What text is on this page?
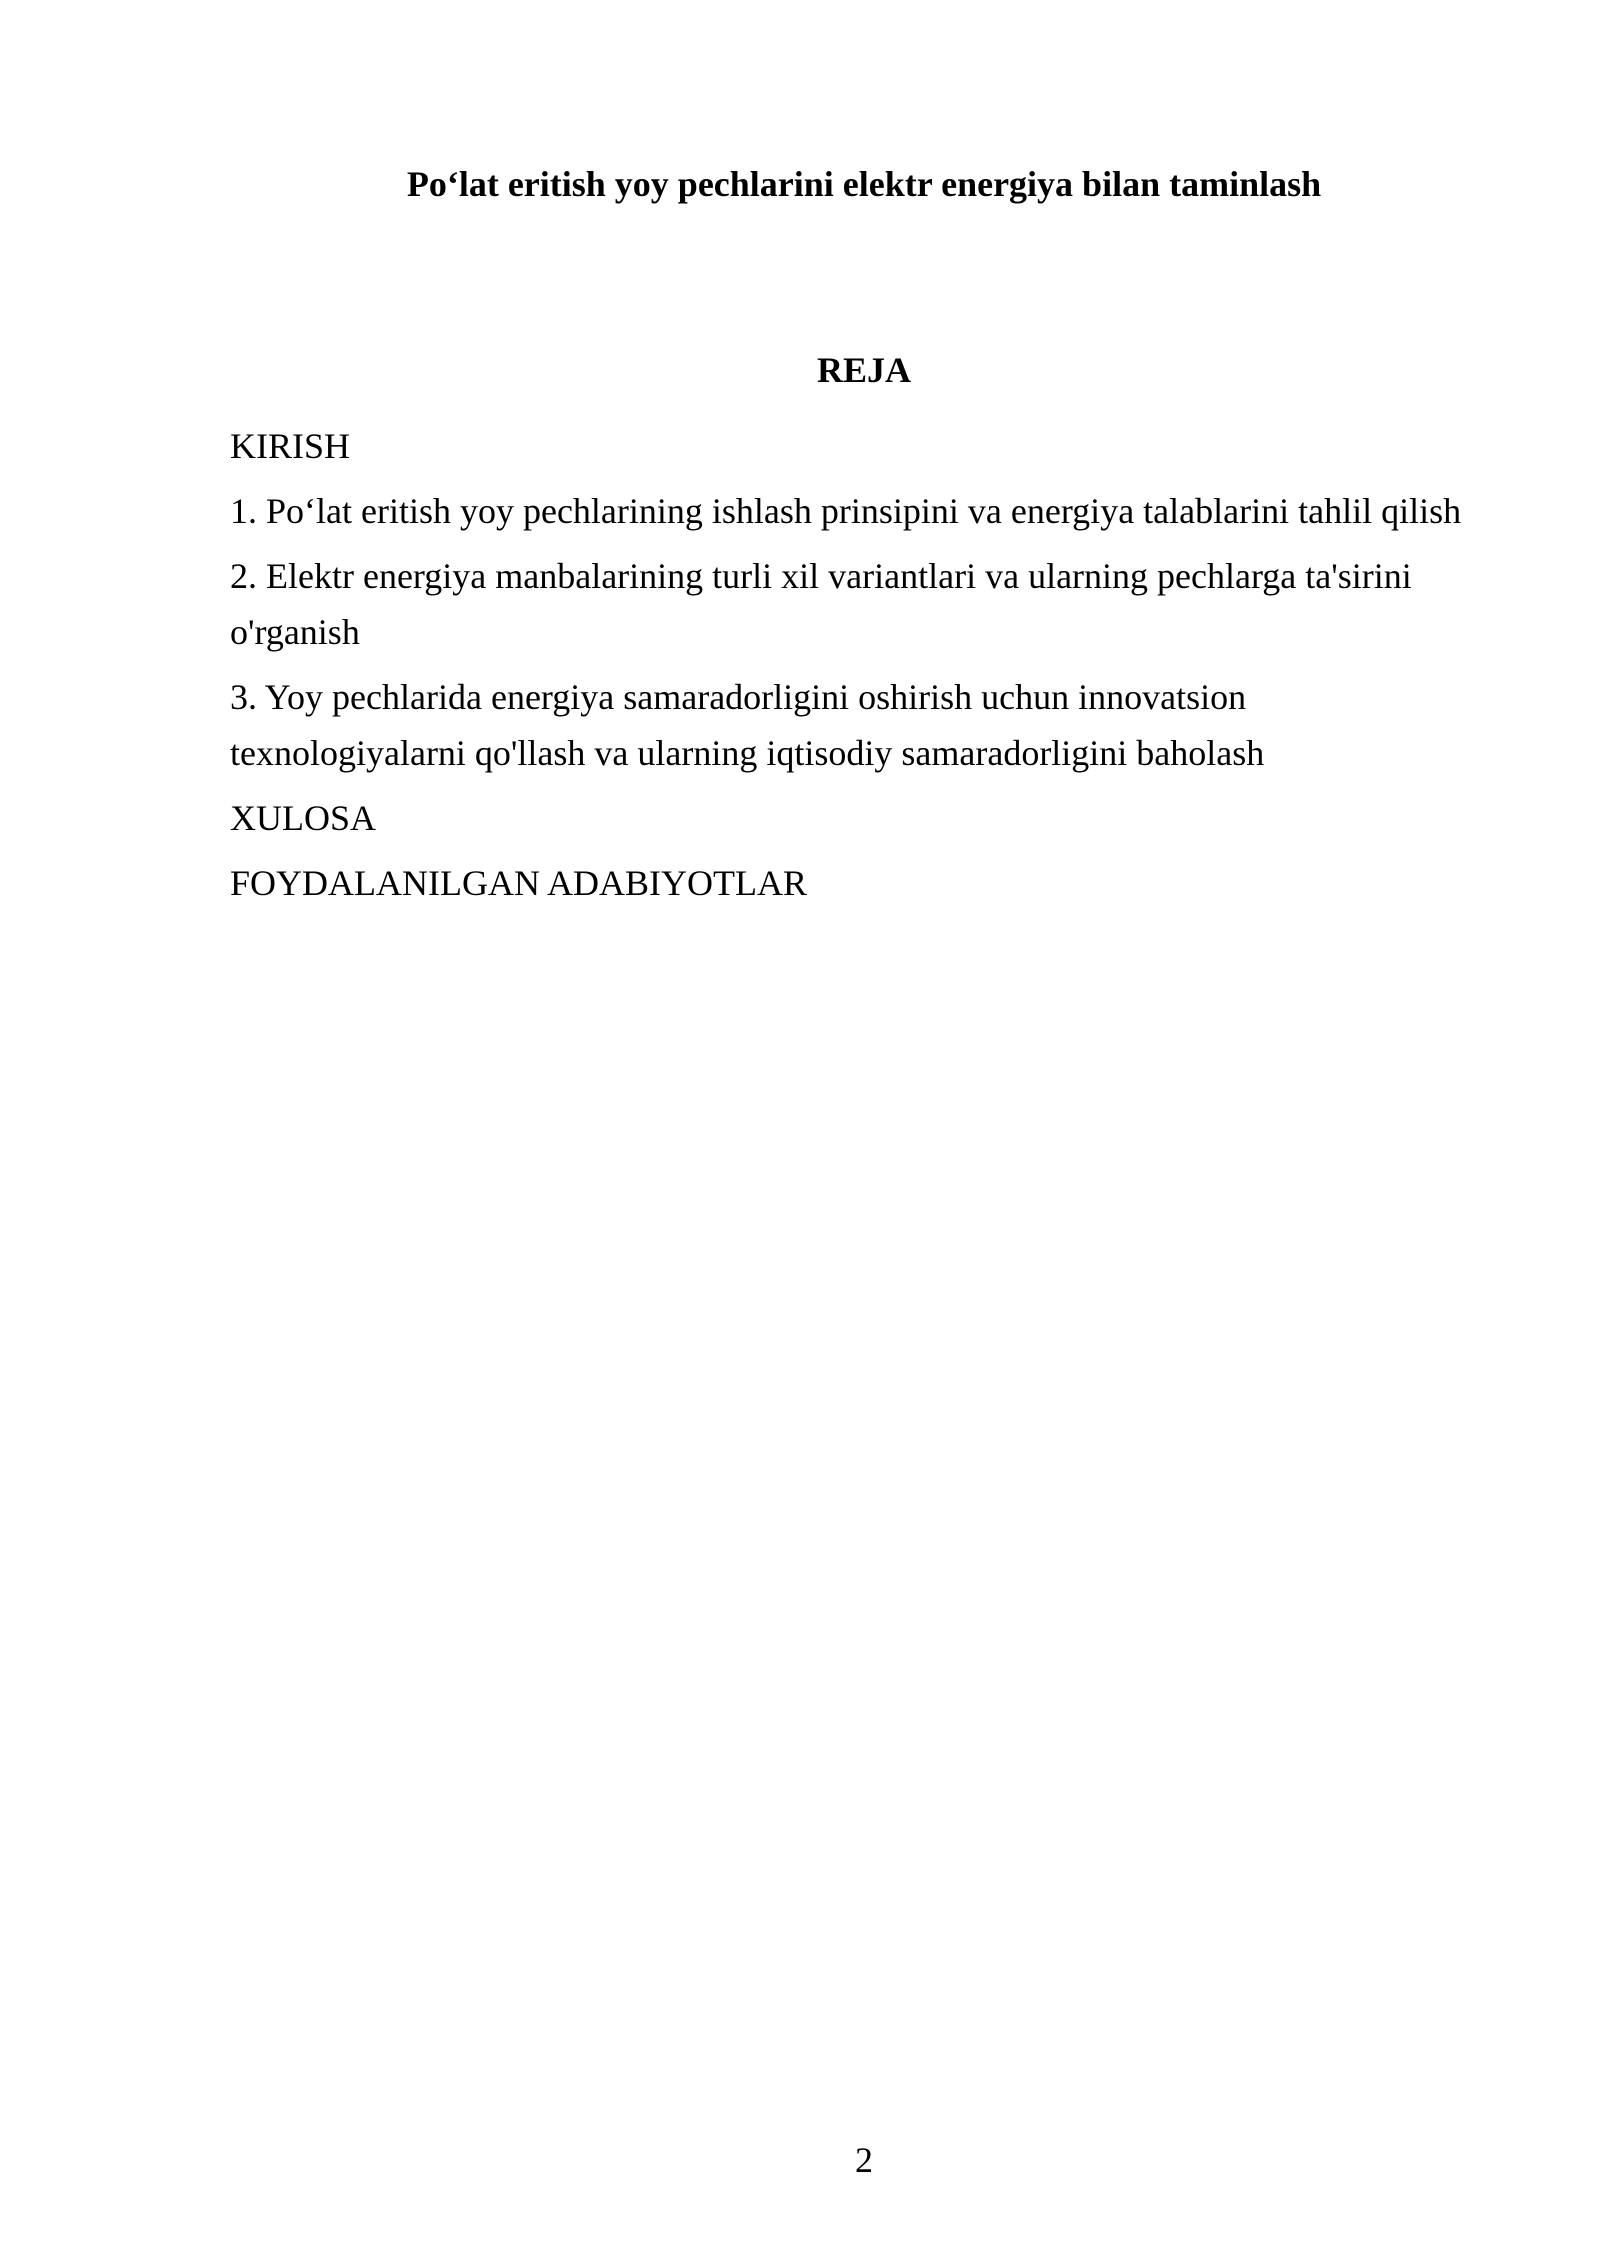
Po‘lat eritish yoy pechlarini elektr energiya bilan taminlash
REJA

KIRISH

1. Po‘lat eritish yoy pechlarining ishlash prinsipini va energiya talablarini tahlil qilish

2. Elektr energiya manbalarining turli xil variantlari va ularning pechlarga ta'sirini o'rganish

3. Yoy pechlarida energiya samaradorligini oshirish uchun innovatsion texnologiyalarni qo'llash va ularning iqtisodiy samaradorligini baholash

XULOSA

FOYDALANILGAN ADABIYOTLAR

2
